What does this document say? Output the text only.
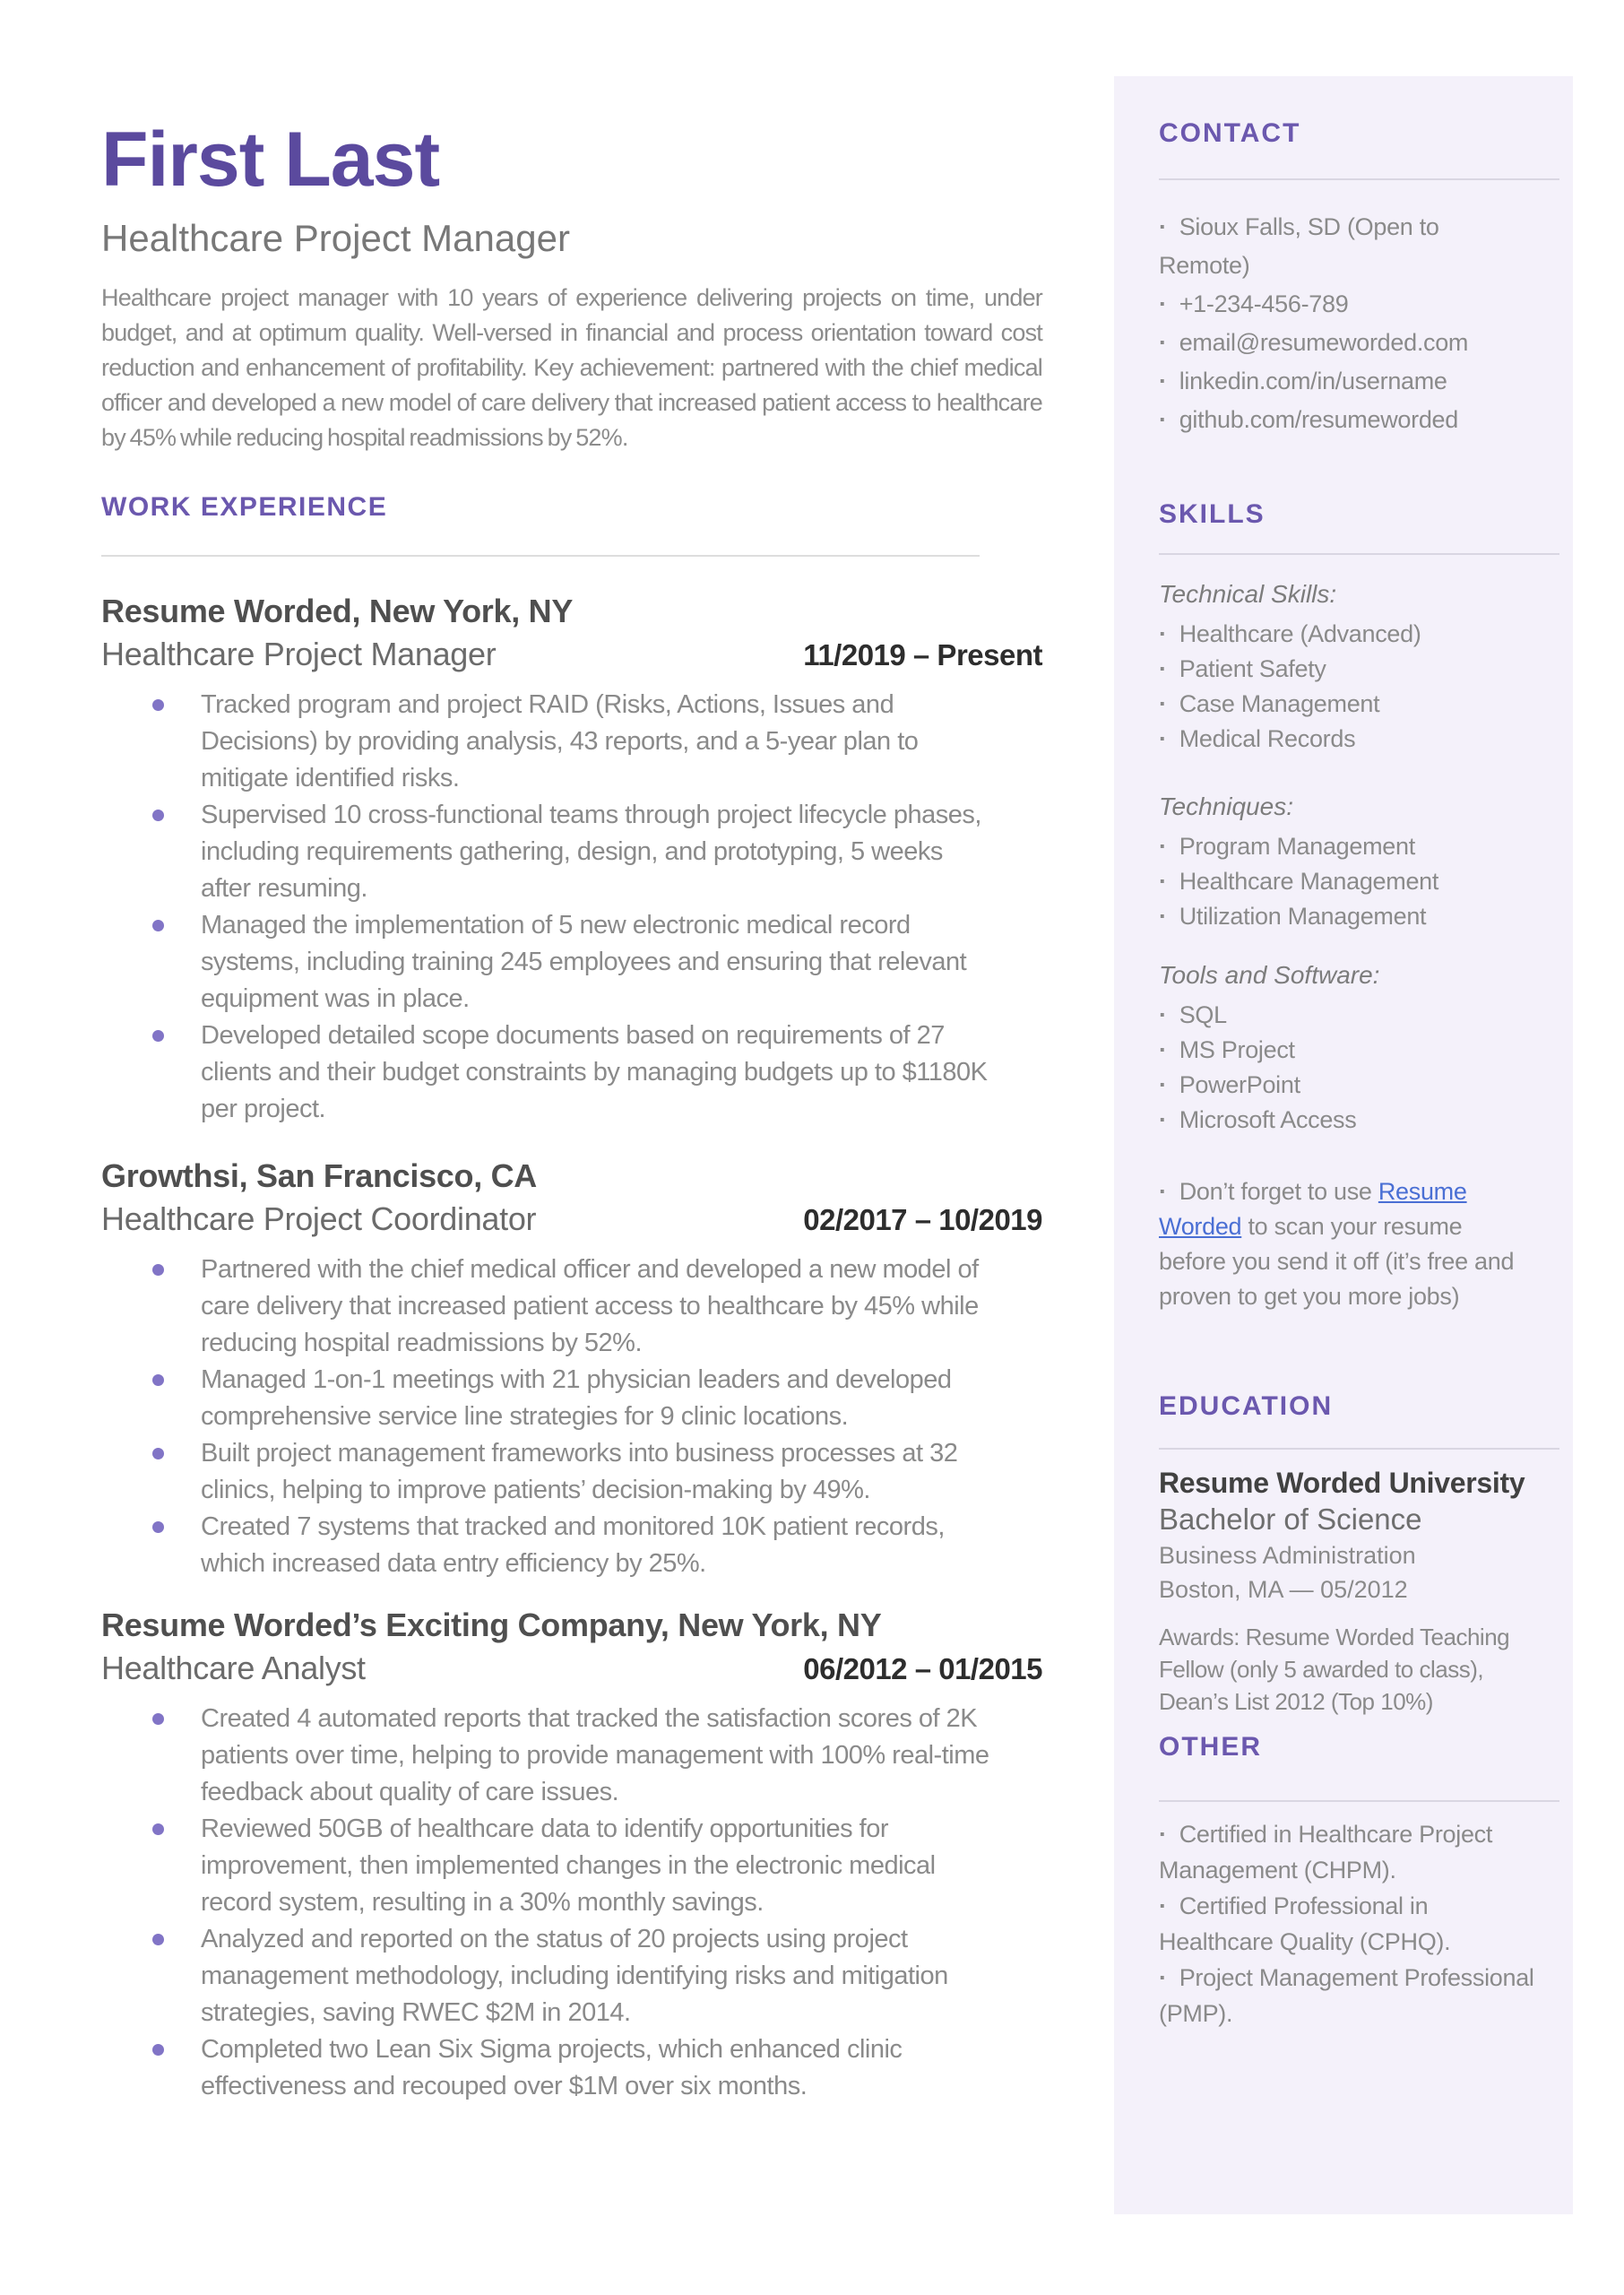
First Last
Healthcare Project Manager

Healthcare project manager with 10 years of experience delivering projects on time, under budget, and at optimum quality. Well-versed in financial and process orientation toward cost reduction and enhancement of profitability. Key achievement: partnered with the chief medical officer and developed a new model of care delivery that increased patient access to healthcare by 45% while reducing hospital readmissions by 52%.

WORK EXPERIENCE
Resume Worded, New York, NY
Healthcare Project Manager	11/2019 – Present
Tracked program and project RAID (Risks, Actions, Issues and Decisions) by providing analysis, 43 reports, and a 5-year plan to mitigate identified risks.
Supervised 10 cross-functional teams through project lifecycle phases, including requirements gathering, design, and prototyping, 5 weeks after resuming.
Managed the implementation of 5 new electronic medical record systems, including training 245 employees and ensuring that relevant equipment was in place.
Developed detailed scope documents based on requirements of 27 clients and their budget constraints by managing budgets up to $1180K per project.
Growthsi, San Francisco, CA
Healthcare Project Coordinator	02/2017 – 10/2019
Partnered with the chief medical officer and developed a new model of care delivery that increased patient access to healthcare by 45% while reducing hospital readmissions by 52%.
Managed 1-on-1 meetings with 21 physician leaders and developed comprehensive service line strategies for 9 clinic locations.
Built project management frameworks into business processes at 32 clinics, helping to improve patients’ decision-making by 49%.
Created 7 systems that tracked and monitored 10K patient records, which increased data entry efficiency by 25%.
Resume Worded’s Exciting Company, New York, NY
Healthcare Analyst	06/2012 – 01/2015
Created 4 automated reports that tracked the satisfaction scores of 2K patients over time, helping to provide management with 100% real-time feedback about quality of care issues.
Reviewed 50GB of healthcare data to identify opportunities for improvement, then implemented changes in the electronic medical record system, resulting in a 30% monthly savings.
Analyzed and reported on the status of 20 projects using project management methodology, including identifying risks and mitigation strategies, saving RWEC $2M in 2014.
Completed two Lean Six Sigma projects, which enhanced clinic effectiveness and recouped over $1M over six months.
CONTACT
· Sioux Falls, SD (Open to Remote)
· +1-234-456-789
· email@resumeworded.com
· linkedin.com/in/username
· github.com/resumeworded
SKILLS

Technical Skills:

· Healthcare (Advanced)
· Patient Safety
· Case Management
· Medical Records

Techniques:

· Program Management
· Healthcare Management
· Utilization Management

Tools and Software:

· SQL
· MS Project
· PowerPoint
· Microsoft Access
· Don’t forget to use Resume Worded to scan your resume before you send it off (it’s free and proven to get you more jobs)
EDUCATION

Resume Worded University

Bachelor of Science

Business Administration

Boston, MA — 05/2012

Awards: Resume Worded Teaching Fellow (only 5 awarded to class), Dean’s List 2012 (Top 10%)

OTHER
· Certified in Healthcare Project Management (CHPM).
· Certified Professional in Healthcare Quality (CPHQ).
· Project Management Professional (PMP).
